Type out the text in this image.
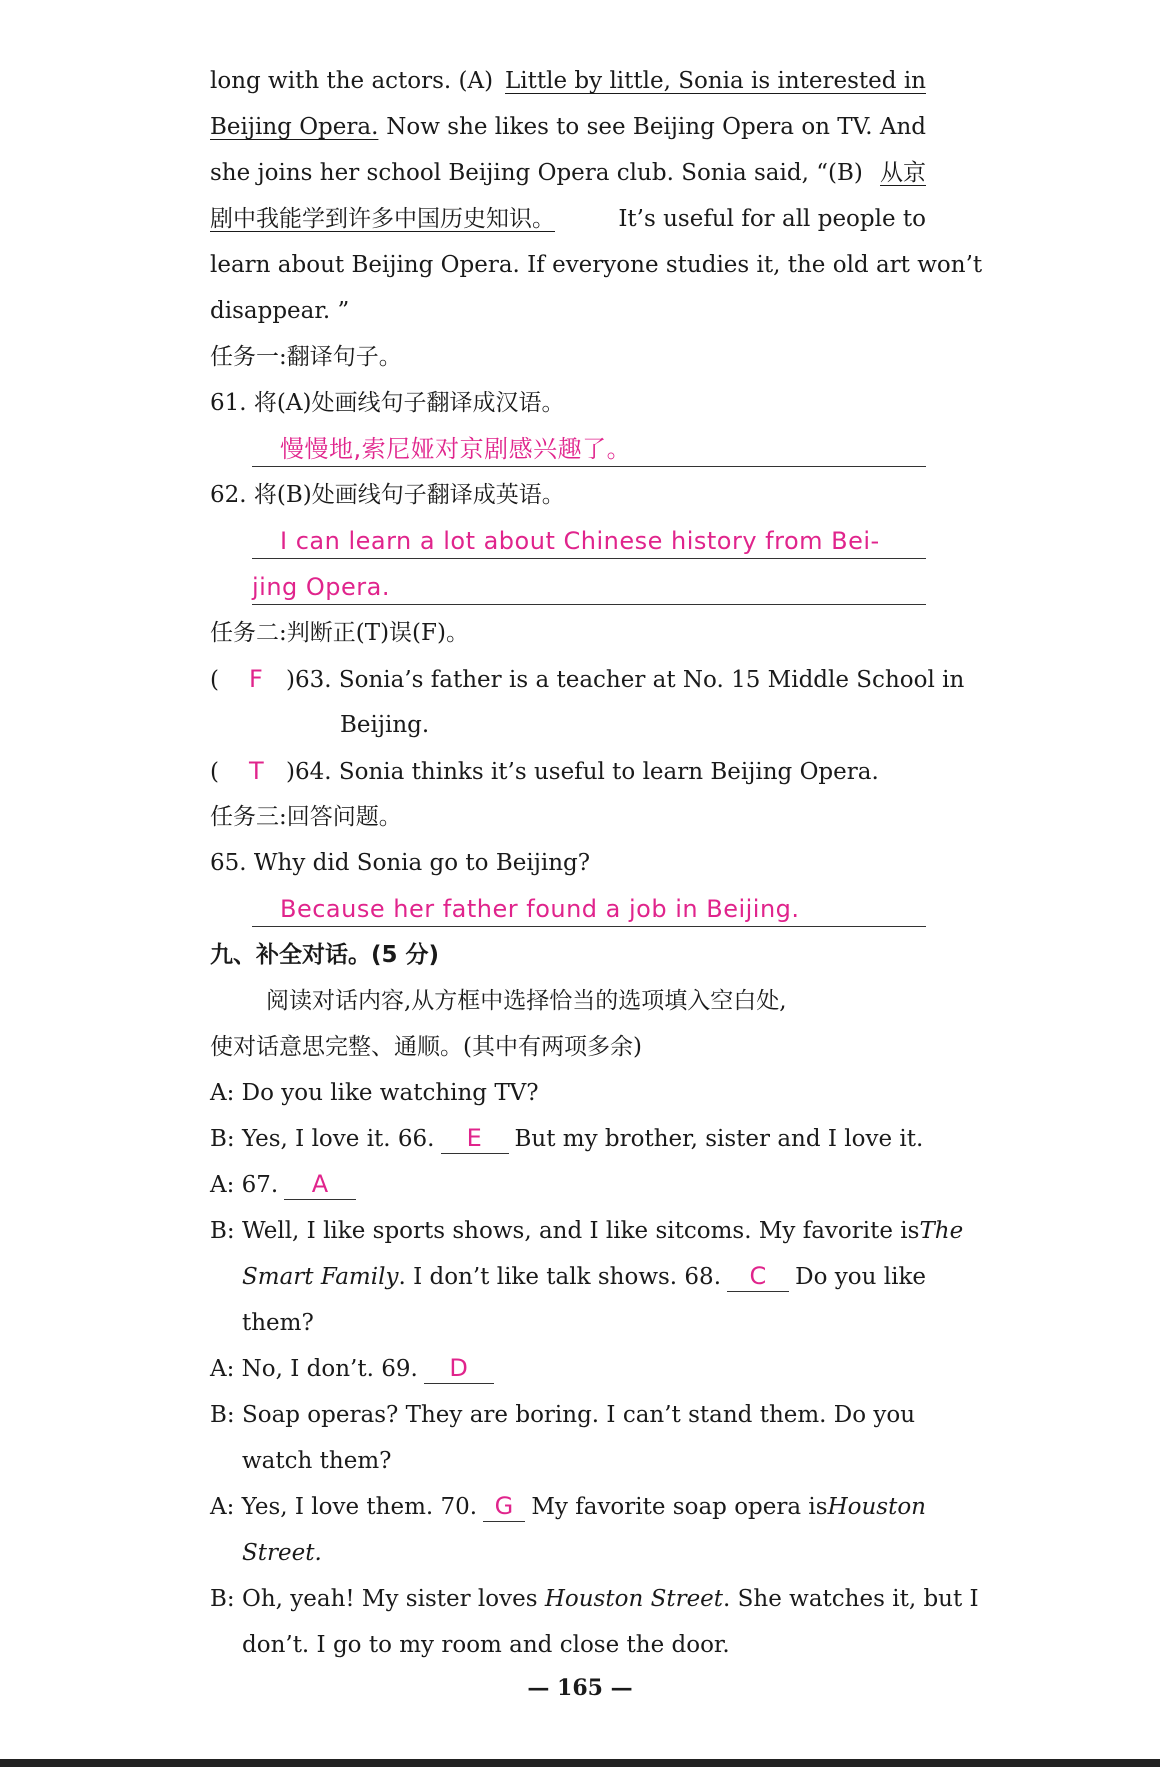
long with the actors. (A) Little by little, Sonia is interested in
Beijing Opera. Now she likes to see Beijing Opera on TV. And
she joins her school Beijing Opera club. Sonia said, “(B) 从京
剧中我能学到许多中国历史知识。	It’s useful for all people to
learn about Beijing Opera. If everyone studies it, the old art won’t
disappear. ”
任务一:翻译句子。
61. 将(A)处画线句子翻译成汉语。
慢慢地,索尼娅对京剧感兴趣了。
62. 将(B)处画线句子翻译成英语。
I can learn a lot about Chinese history from Bei-
jing Opera.
任务二:判断正(T)误(F)。
( F )63. Sonia’s father is a teacher at No. 15 Middle School in
Beijing.
( T )64. Sonia thinks it’s useful to learn Beijing Opera.
任务三:回答问题。
65. Why did Sonia go to Beijing?
Because her father found a job in Beijing.
九、补全对话。(5 分)
阅读对话内容,从方框中选择恰当的选项填入空白处,
使对话意思完整、通顺。(其中有两项多余)
A: Do you like watching TV?
B: Yes, I love it. 66. E But my brother, sister and I love it.
A: 67. A
B: Well, I like sports shows, and I like sitcoms. My favorite is The
Smart Family . I don’t like talk shows. 68.	C	Do you like
them?
A: No, I don’t. 69. D
B: Soap operas? They are boring. I can’t stand them. Do you
watch them?
A: Yes, I love them. 70. G My favorite soap opera is Houston
Street.
B: Oh, yeah! My sister loves Houston Street. She watches it, but I
don’t. I go to my room and close the door.
— 165 —
